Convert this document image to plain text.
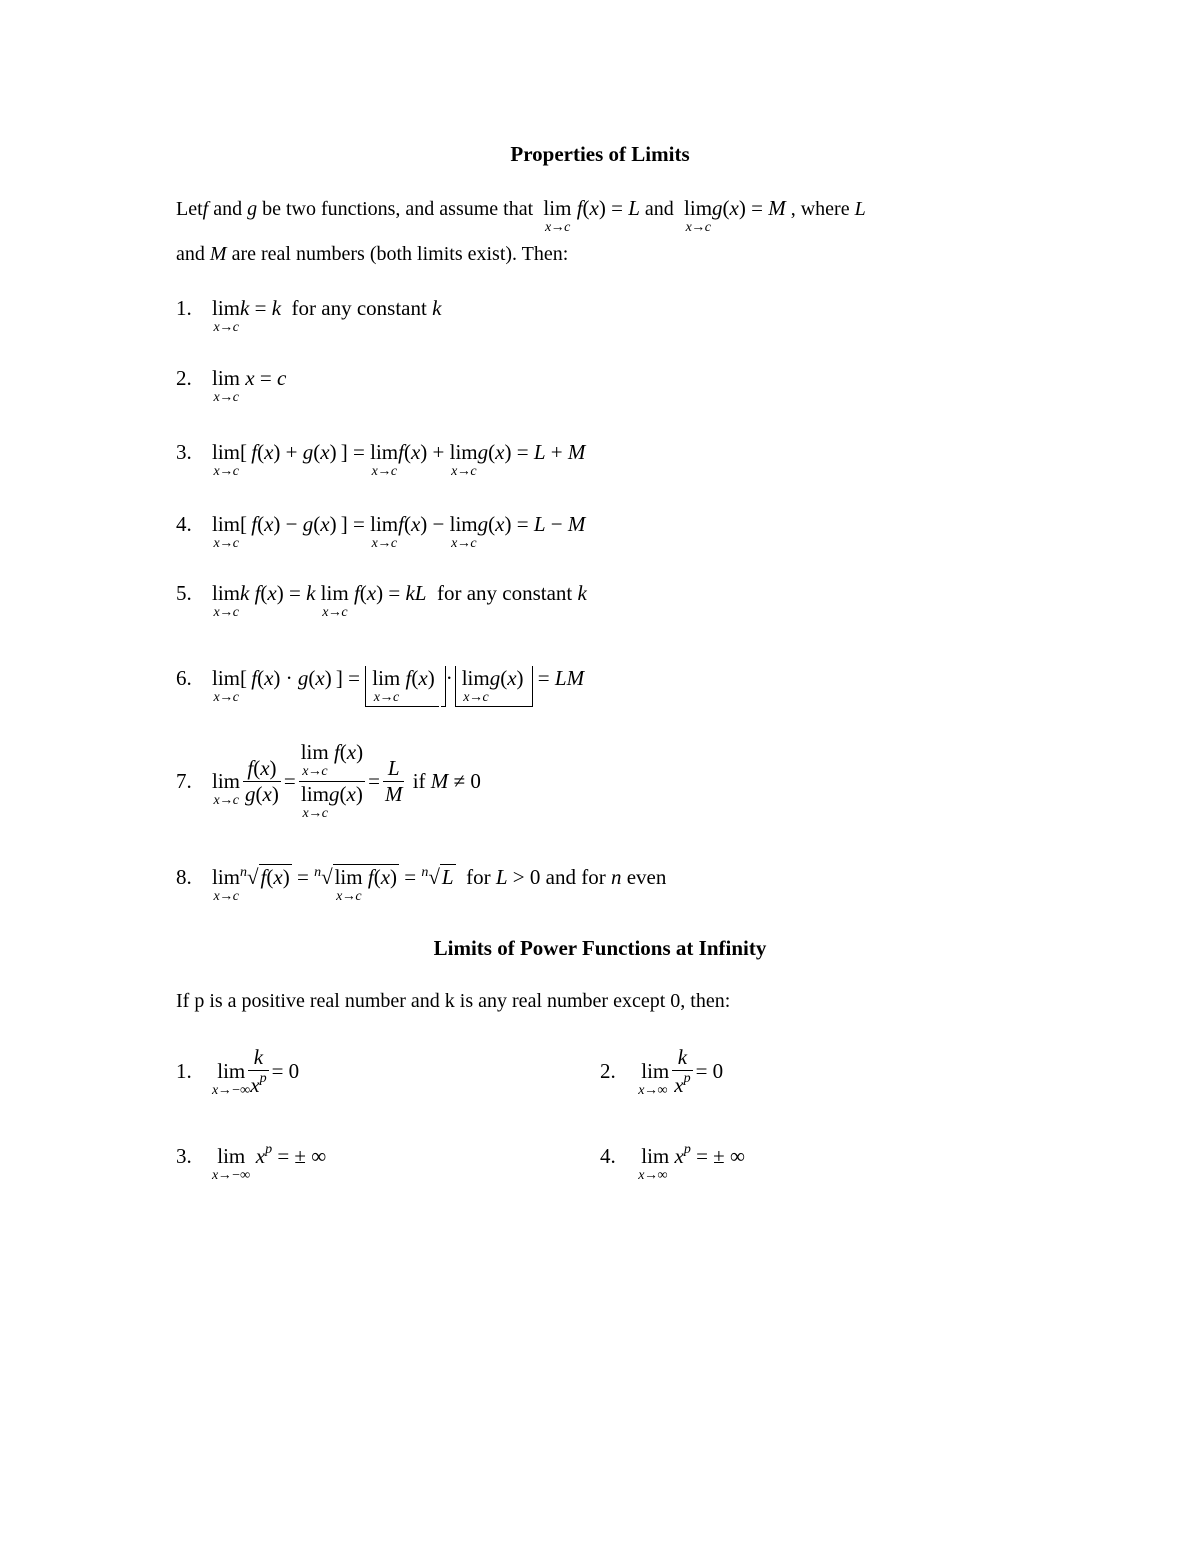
Properties of Limits
Letf and g be two functions, and assume that lim
x→c
f(x) = L and lim
x→c
g(x) = M , where L
and M are real numbers (both limits exist). Then:
1. lim
x→c
k = k for any constant k
2. lim
x→c
x = c
3. lim
x→c
[ f(x) + g(x) ] = lim
x→c
f(x) + lim
x→c
g(x) = L + M
4. lim
x→c
[ f(x) − g(x) ] = lim
x→c
f(x) − lim
x→c
g(x) = L − M
5. lim
x→c
k f(x) = k lim
x→c
f(x) = kL for any constant k
6. lim
x→c
[ f(x) · g(x) ] = lim
x→c
f(x) · lim
x→c
g(x) = LM
7. lim
$x\to c \frac{f(x)}{g(x)} = \lim$
x→c
f(x)
lim
x→c
$g(x) = \frac{L}{M}$ if M ≠ 0
8. lim
x→c
$^n$√f(x) = $^n$√lim
x→c
f(x) = $^n$√L for L > 0 and for n even
Limits of Power Functions at Infinity
If p is a positive real number and k is any real number except 0, then:
1. lim
x→−∞
$\frac{k}{x^p} = 0$	2. lim
$x\to\infty \frac{k}{x^p} = 0$
3. lim
x→−∞
$x^p$ = ± ∞	4. lim
x→∞
$x^p$ = ± ∞
